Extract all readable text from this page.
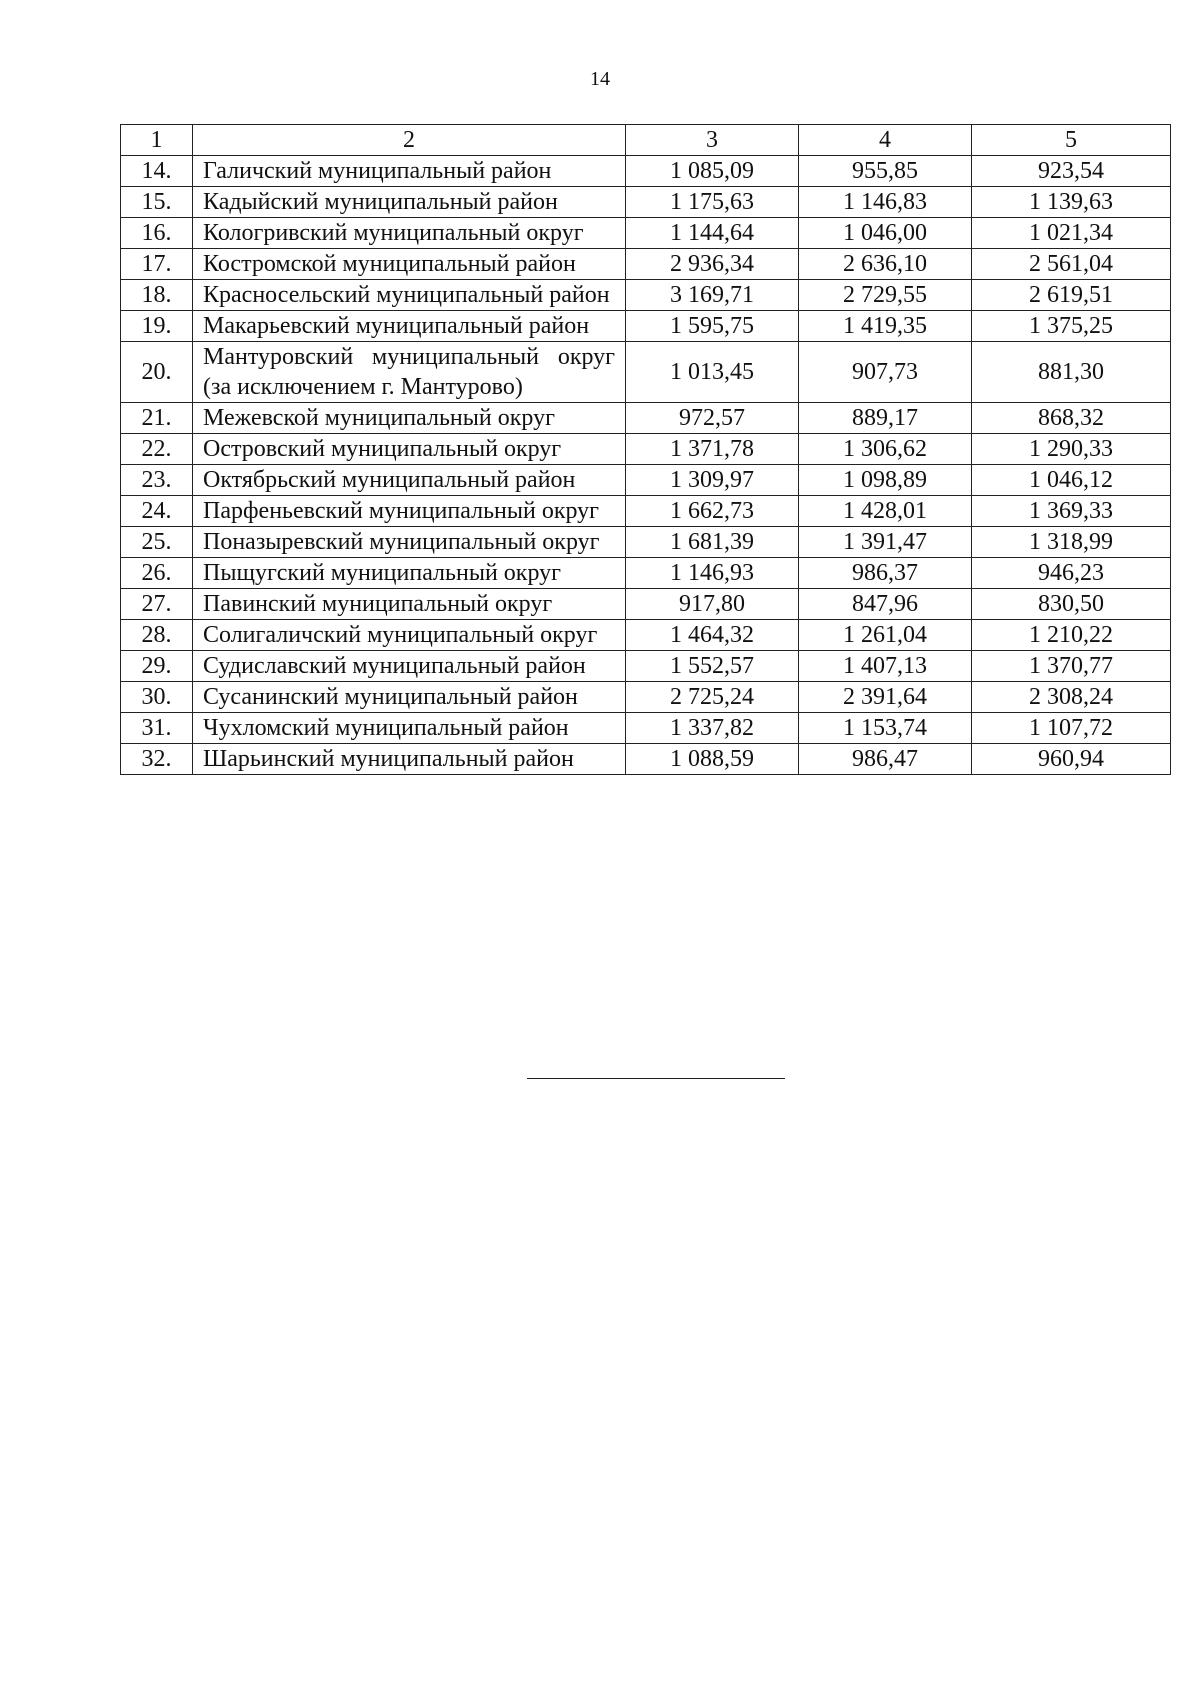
14
1	2	3	4	5
14.	Галичский муниципальный район	1 085,09	955,85	923,54
15.	Кадыйский муниципальный район	1 175,63	1 146,83	1 139,63
16.	Кологривский муниципальный округ	1 144,64	1 046,00	1 021,34
17.	Костромской муниципальный район	2 936,34	2 636,10	2 561,04
18.	Красносельский муниципальный район	3 169,71	2 729,55	2 619,51
19.	Макарьевский муниципальный район	1 595,75	1 419,35	1 375,25
20.	Мантуровский муниципальный округ (за исключением г. Мантурово)	1 013,45	907,73	881,30
21.	Межевской муниципальный округ	972,57	889,17	868,32
22.	Островский муниципальный округ	1 371,78	1 306,62	1 290,33
23.	Октябрьский муниципальный район	1 309,97	1 098,89	1 046,12
24.	Парфеньевский муниципальный округ	1 662,73	1 428,01	1 369,33
25.	Поназыревский муниципальный округ	1 681,39	1 391,47	1 318,99
26.	Пыщугский муниципальный округ	1 146,93	986,37	946,23
27.	Павинский муниципальный округ	917,80	847,96	830,50
28.	Солигаличский муниципальный округ	1 464,32	1 261,04	1 210,22
29.	Судиславский муниципальный район	1 552,57	1 407,13	1 370,77
30.	Сусанинский муниципальный район	2 725,24	2 391,64	2 308,24
31.	Чухломский муниципальный район	1 337,82	1 153,74	1 107,72
32.	Шарьинский муниципальный район	1 088,59	986,47	960,94
